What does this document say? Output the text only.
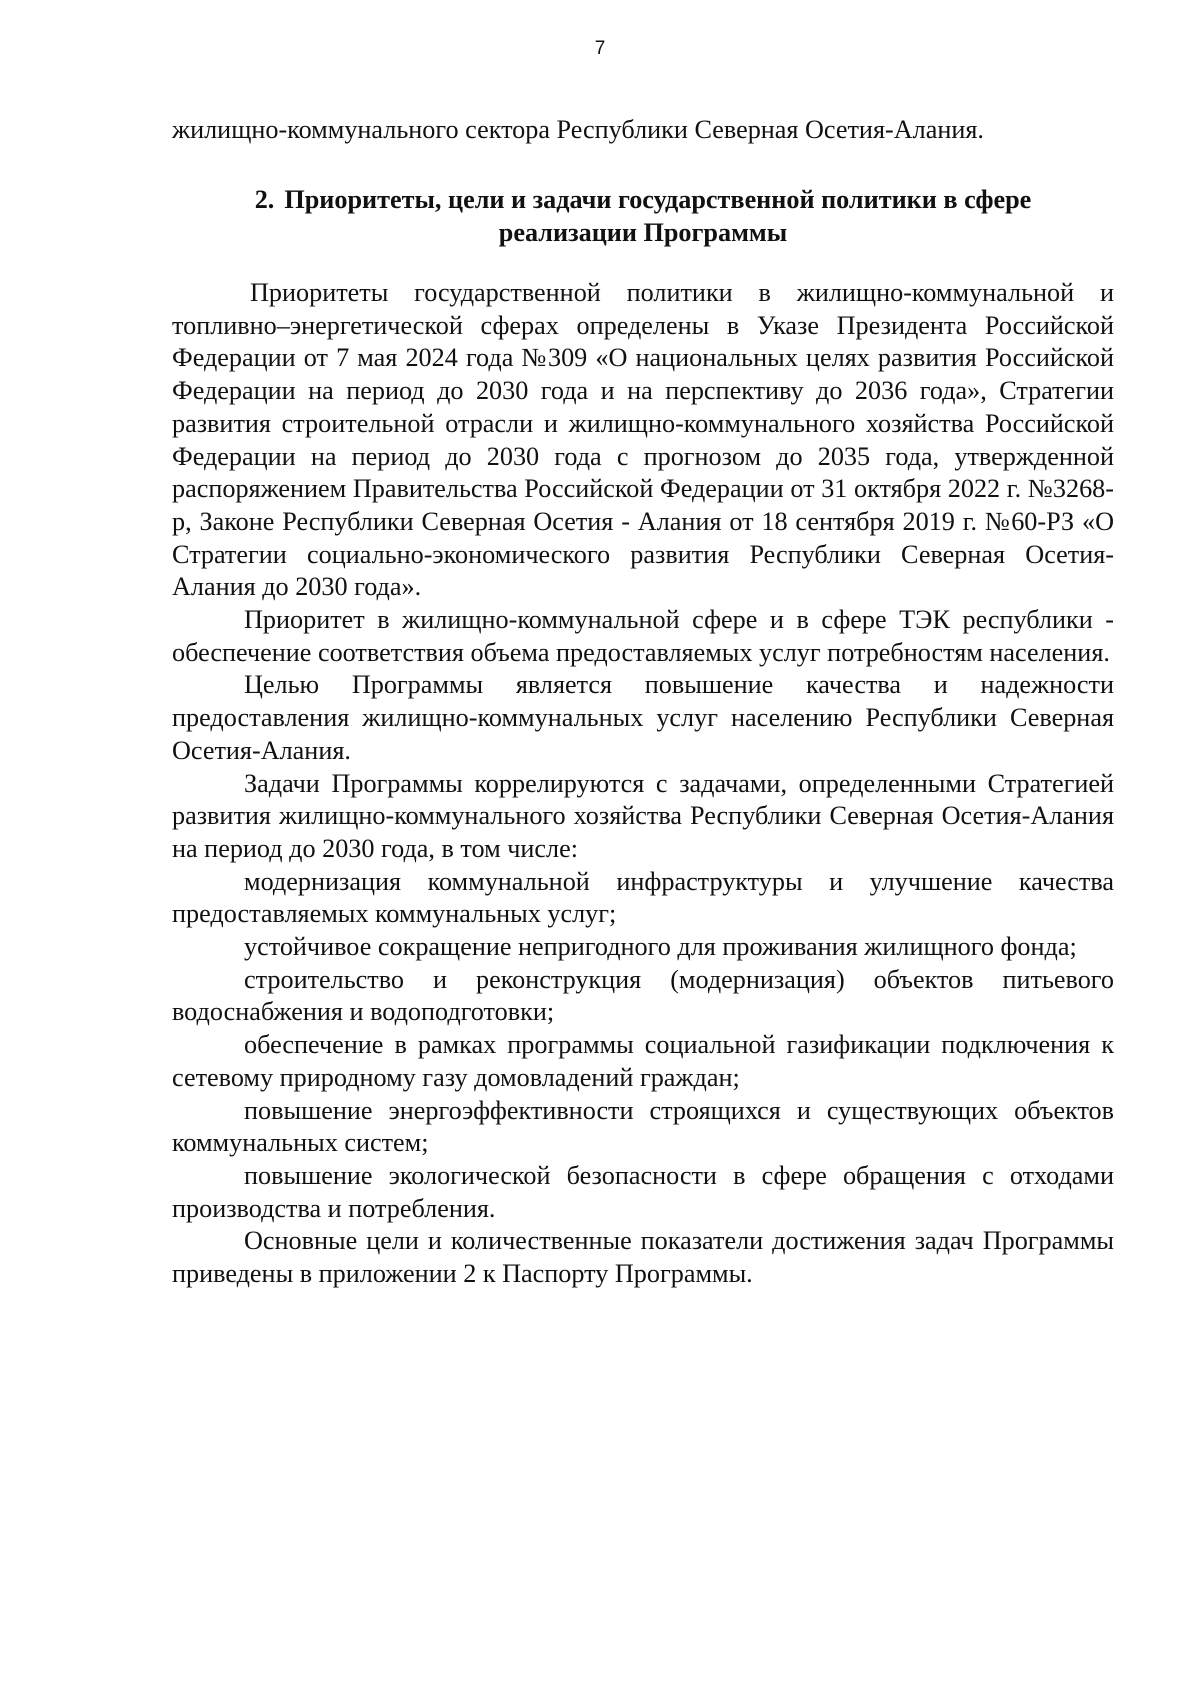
7
жилищно-коммунального сектора Республики Северная Осетия-Алания.
2. Приоритеты, цели и задачи государственной политики в сфере
реализации Программы

Приоритеты государственной политики в жилищно-коммунальной и топливно–энергетической сферах определены в Указе Президента Российской Федерации от 7 мая 2024 года №309 «О национальных целях развития Российской Федерации на период до 2030 года и на перспективу до 2036 года», Стратегии развития строительной отрасли и жилищно-коммунального хозяйства Российской Федерации на период до 2030 года с прогнозом до 2035 года, утвержденной распоряжением Правительства Российской Федерации от 31 октября 2022 г. №3268-р, Законе Республики Северная Осетия - Алания от 18 сентября 2019 г. №60-РЗ «О Стратегии социально-экономического развития Республики Северная Осетия-Алания до 2030 года».

Приоритет в жилищно-коммунальной сфере и в сфере ТЭК республики - обеспечение соответствия объема предоставляемых услуг потребностям населения.

Целью Программы является повышение качества и надежности предоставления жилищно-коммунальных услуг населению Республики Северная Осетия-Алания.

Задачи Программы коррелируются с задачами, определенными Стратегией развития жилищно-коммунального хозяйства Республики Северная Осетия-Алания на период до 2030 года, в том числе:

модернизация коммунальной инфраструктуры и улучшение качества предоставляемых коммунальных услуг;

устойчивое сокращение непригодного для проживания жилищного фонда;

строительство и реконструкция (модернизация) объектов питьевого водоснабжения и водоподготовки;

обеспечение в рамках программы социальной газификации подключения к сетевому природному газу домовладений граждан;

повышение энергоэффективности строящихся и существующих объектов коммунальных систем;

повышение экологической безопасности в сфере обращения с отходами производства и потребления.

Основные цели и количественные показатели достижения задач Программы приведены в приложении 2 к Паспорту Программы.
